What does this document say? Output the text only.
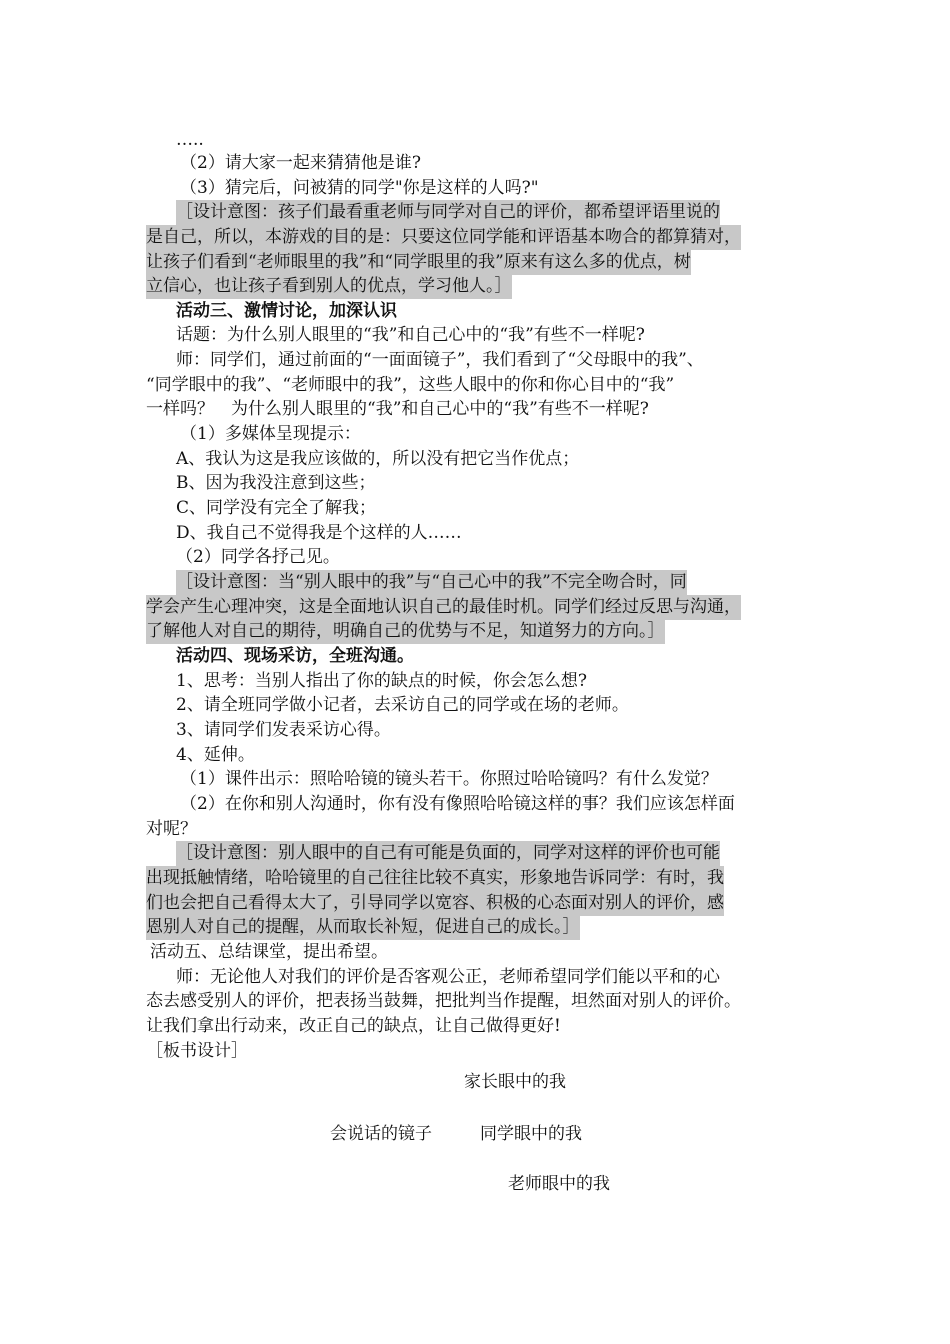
…..
（2）请大家一起来猜猜他是谁?
（3）猜完后，问被猜的同学"你是这样的人吗?"
［设计意图：孩子们最看重老师与同学对自己的评价，都希望评语里说的
是自己，所以，本游戏的目的是：只要这位同学能和评语基本吻合的都算猜对，
让孩子们看到“老师眼里的我”和“同学眼里的我”原来有这么多的优点，树
立信心，也让孩子看到别人的优点，学习他人。］
活动三、激情讨论，加深认识
话题：为什么别人眼里的“我”和自己心中的“我”有些不一样呢?
师：同学们，通过前面的“一面面镜子”，我们看到了“父母眼中的我”、
“同学眼中的我”、“老师眼中的我”，这些人眼中的你和你心目中的“我”
一样吗？　为什么别人眼里的“我”和自己心中的“我”有些不一样呢?
（1）多媒体呈现提示：
A、我认为这是我应该做的，所以没有把它当作优点；
B、因为我没注意到这些；
C、同学没有完全了解我；
D、我自己不觉得我是个这样的人……
（2）同学各抒己见。
［设计意图：当“别人眼中的我”与“自己心中的我”不完全吻合时，同
学会产生心理冲突，这是全面地认识自己的最佳时机。同学们经过反思与沟通，
了解他人对自己的期待，明确自己的优势与不足，知道努力的方向。］
活动四、现场采访，全班沟通。
1、思考：当别人指出了你的缺点的时候，你会怎么想?
2、请全班同学做小记者，去采访自己的同学或在场的老师。
3、请同学们发表采访心得。
4、延伸。
（1）课件出示：照哈哈镜的镜头若干。你照过哈哈镜吗？有什么发觉？
（2）在你和别人沟通时，你有没有像照哈哈镜这样的事？我们应该怎样面
对呢？
［设计意图：别人眼中的自己有可能是负面的，同学对这样的评价也可能
出现抵触情绪，哈哈镜里的自己往往比较不真实，形象地告诉同学：有时，我
们也会把自己看得太大了，引导同学以宽容、积极的心态面对别人的评价，感
恩别人对自己的提醒，从而取长补短，促进自己的成长。］
活动五、总结课堂，提出希望。
师：无论他人对我们的评价是否客观公正，老师希望同学们能以平和的心
态去感受别人的评价，把表扬当鼓舞，把批判当作提醒，坦然面对别人的评价。
让我们拿出行动来，改正自己的缺点，让自己做得更好!
［板书设计］
家长眼中的我
会说话的镜子	同学眼中的我
老师眼中的我
